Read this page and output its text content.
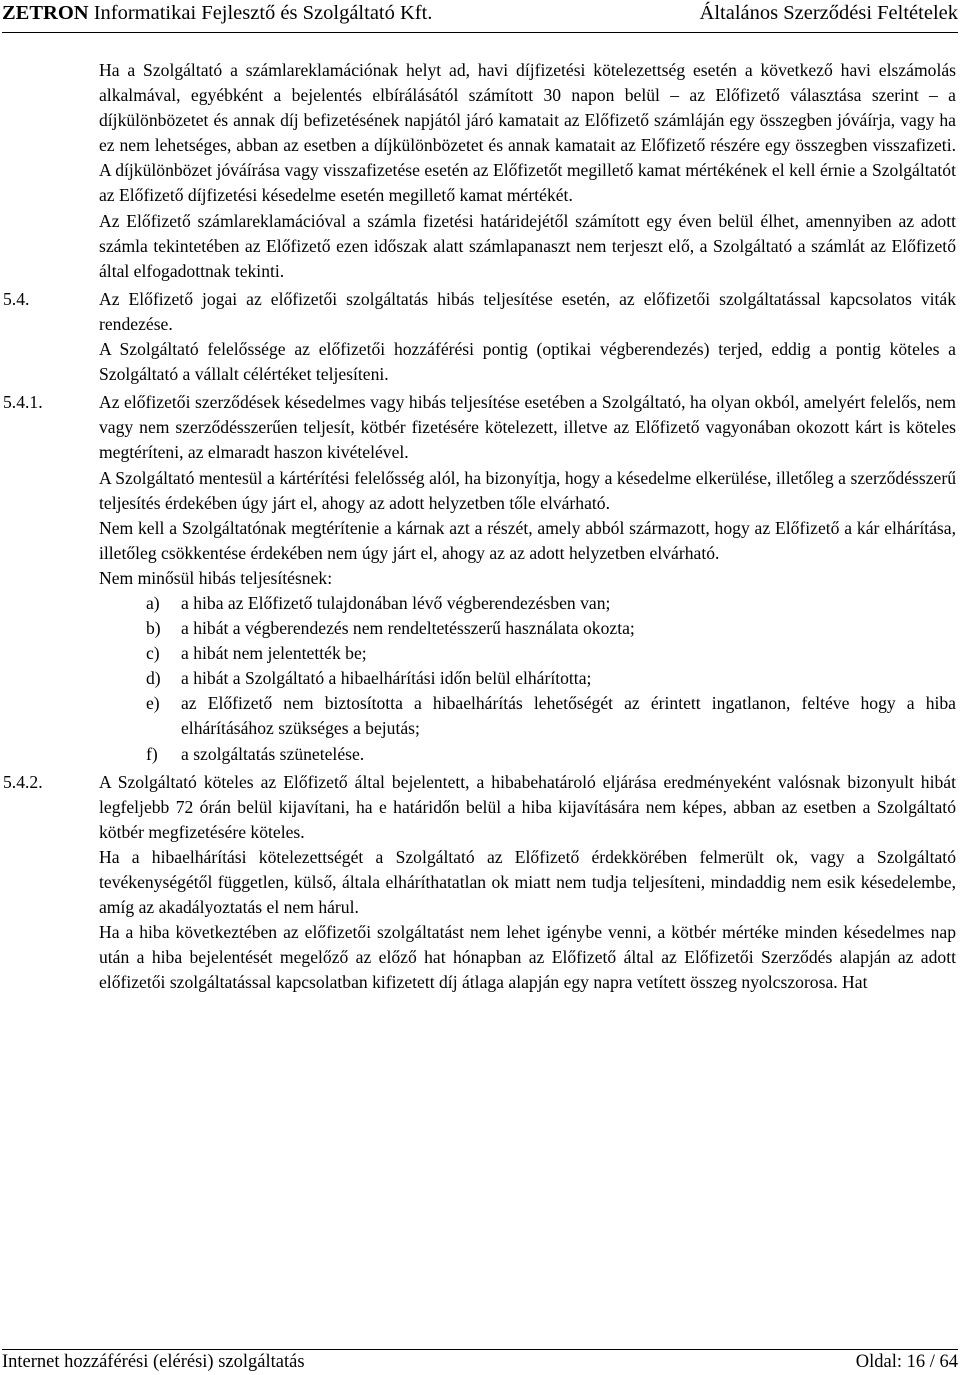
ZETRON Informatikai Fejlesztő és Szolgáltató Kft.	Általános Szerződési Feltételek
Ha a Szolgáltató a számlareklamációnak helyt ad, havi díjfizetési kötelezettség esetén a következő havi elszámolás alkalmával, egyébként a bejelentés elbírálásától számított 30 napon belül – az Előfizető választása szerint – a díjkülönbözetet és annak díj befizetésének napjától járó kamatait az Előfizető számláján egy összegben jóváírja, vagy ha ez nem lehetséges, abban az esetben a díjkülönbözetet és annak kamatait az Előfizető részére egy összegben visszafizeti. A díjkülönbözet jóváírása vagy visszafizetése esetén az Előfizetőt megillető kamat mértékének el kell érnie a Szolgáltatót az Előfizető díjfizetési késedelme esetén megillető kamat mértékét.
Az Előfizető számlareklamációval a számla fizetési határidejétől számított egy éven belül élhet, amennyiben az adott számla tekintetében az Előfizető ezen időszak alatt számlapanaszt nem terjeszt elő, a Szolgáltató a számlát az Előfizető által elfogadottnak tekinti.
5.4.	Az Előfizető jogai az előfizetői szolgáltatás hibás teljesítése esetén, az előfizetői szolgáltatással kapcsolatos viták rendezése.
A Szolgáltató felelőssége az előfizetői hozzáférési pontig (optikai végberendezés) terjed, eddig a pontig köteles a Szolgáltató a vállalt célértéket teljesíteni.
5.4.1.	Az előfizetői szerződések késedelmes vagy hibás teljesítése esetében a Szolgáltató, ha olyan okból, amelyért felelős, nem vagy nem szerződésszerűen teljesít, kötbér fizetésére kötelezett, illetve az Előfizető vagyonában okozott kárt is köteles megtéríteni, az elmaradt haszon kivételével.
A Szolgáltató mentesül a kártérítési felelősség alól, ha bizonyítja, hogy a késedelme elkerülése, illetőleg a szerződésszerű teljesítés érdekében úgy járt el, ahogy az adott helyzetben tőle elvárható.
Nem kell a Szolgáltatónak megtérítenie a kárnak azt a részét, amely abból származott, hogy az Előfizető a kár elhárítása, illetőleg csökkentése érdekében nem úgy járt el, ahogy az az adott helyzetben elvárható.
Nem minősül hibás teljesítésnek:
a) a hiba az Előfizető tulajdonában lévő végberendezésben van;
b) a hibát a végberendezés nem rendeltetésszerű használata okozta;
c) a hibát nem jelentették be;
d) a hibát a Szolgáltató a hibaelhárítási időn belül elhárította;
e) az Előfizető nem biztosította a hibaelhárítás lehetőségét az érintett ingatlanon, feltéve hogy a hiba elhárításához szükséges a bejutás;
f) a szolgáltatás szünetelése.
5.4.2.	A Szolgáltató köteles az Előfizető által bejelentett, a hibabehatároló eljárása eredményeként valósnak bizonyult hibát legfeljebb 72 órán belül kijavítani, ha e határidőn belül a hiba kijavítására nem képes, abban az esetben a Szolgáltató kötbér megfizetésére köteles.
Ha a hibaelhárítási kötelezettségét a Szolgáltató az Előfizető érdekkörében felmerült ok, vagy a Szolgáltató tevékenységétől független, külső, általa elháríthatatlan ok miatt nem tudja teljesíteni, mindaddig nem esik késedelembe, amíg az akadályoztatás el nem hárul.
Ha a hiba következtében az előfizetői szolgáltatást nem lehet igénybe venni, a kötbér mértéke minden késedelmes nap után a hiba bejelentését megelőző az előző hat hónapban az Előfizető által az Előfizetői Szerződés alapján az adott előfizetői szolgáltatással kapcsolatban kifizetett díj átlaga alapján egy napra vetített összeg nyolcszorosa. Hat
Internet hozzáférési (elérési) szolgáltatás	Oldal: 16 / 64
